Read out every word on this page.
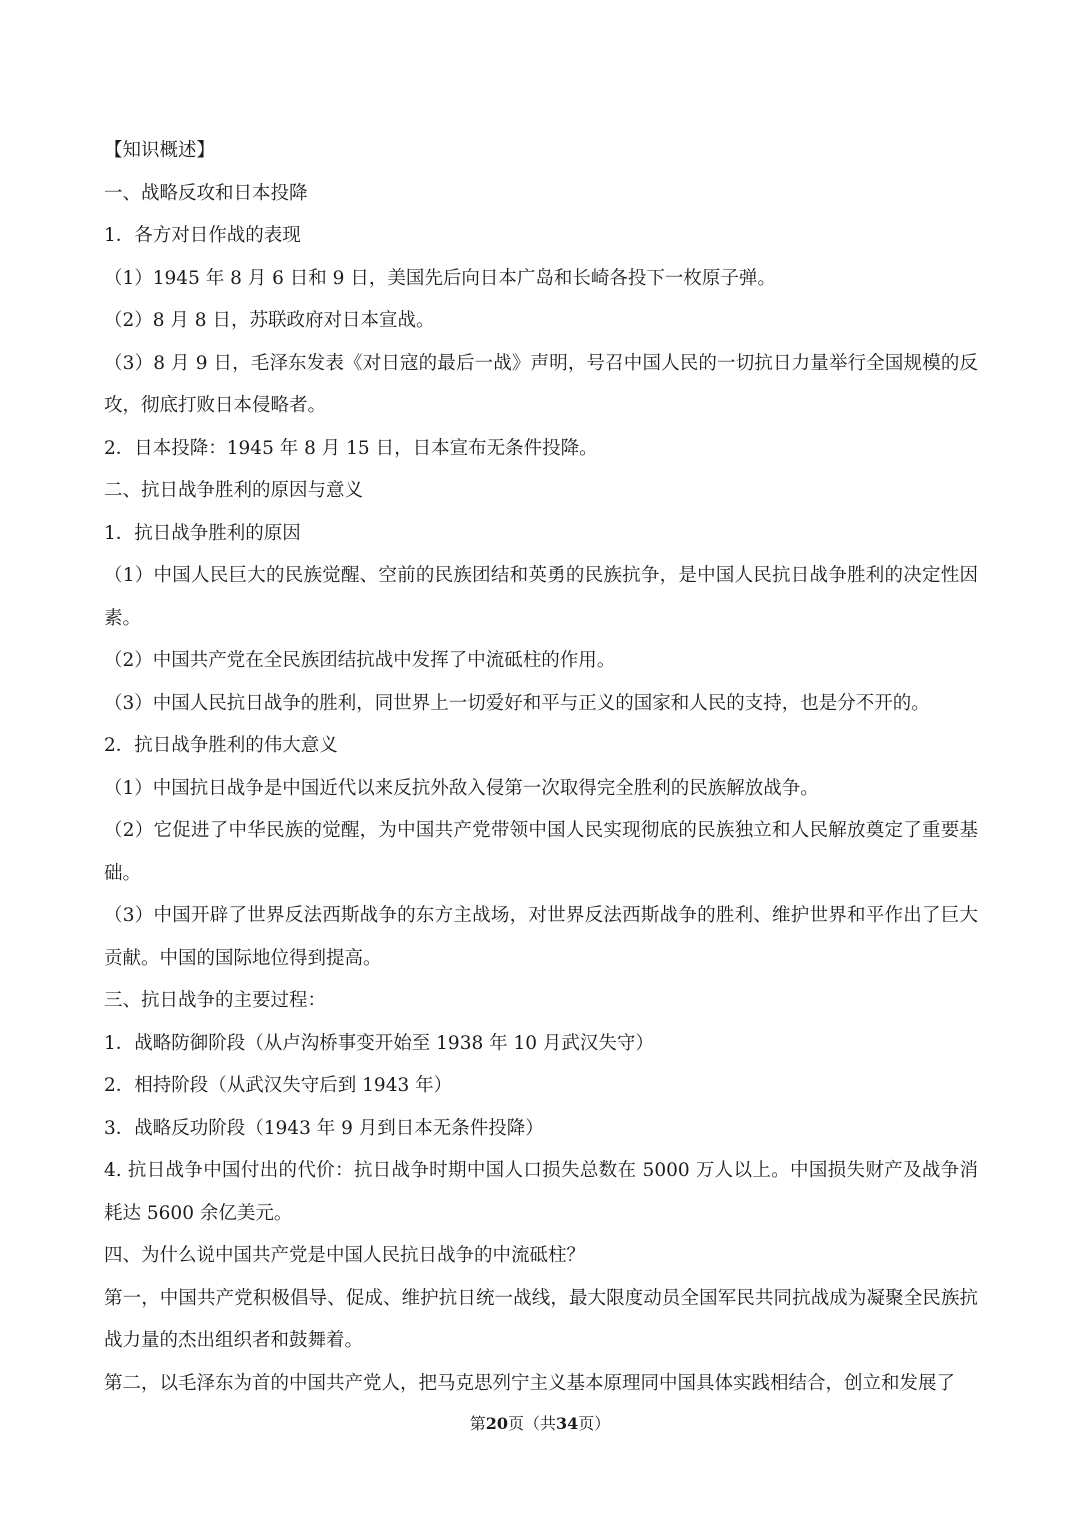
【知识概述】

一、战略反攻和日本投降

1．各方对日作战的表现

（1）1945 年 8 月 6 日和 9 日，美国先后向日本广岛和长崎各投下一枚原子弹。

（2）8 月 8 日，苏联政府对日本宣战。

（3）8 月 9 日，毛泽东发表《对日寇的最后一战》声明，号召中国人民的一切抗日力量举行全国规模的反攻，彻底打败日本侵略者。

2．日本投降：1945 年 8 月 15 日，日本宣布无条件投降。

二、抗日战争胜利的原因与意义

1．抗日战争胜利的原因

（1）中国人民巨大的民族觉醒、空前的民族团结和英勇的民族抗争，是中国人民抗日战争胜利的决定性因素。

（2）中国共产党在全民族团结抗战中发挥了中流砥柱的作用。

（3）中国人民抗日战争的胜利，同世界上一切爱好和平与正义的国家和人民的支持，也是分不开的。

2．抗日战争胜利的伟大意义

（1）中国抗日战争是中国近代以来反抗外敌入侵第一次取得完全胜利的民族解放战争。

（2）它促进了中华民族的觉醒，为中国共产党带领中国人民实现彻底的民族独立和人民解放奠定了重要基础。

（3）中国开辟了世界反法西斯战争的东方主战场，对世界反法西斯战争的胜利、维护世界和平作出了巨大贡献。中国的国际地位得到提高。

三、抗日战争的主要过程：

1．战略防御阶段（从卢沟桥事变开始至 1938 年 10 月武汉失守）

2．相持阶段（从武汉失守后到 1943 年）

3．战略反功阶段（1943 年 9 月到日本无条件投降）

4. 抗日战争中国付出的代价：抗日战争时期中国人口损失总数在 5000 万人以上。中国损失财产及战争消耗达 5600 余亿美元。

四、为什么说中国共产党是中国人民抗日战争的中流砥柱？

第一，中国共产党积极倡导、促成、维护抗日统一战线，最大限度动员全国军民共同抗战成为凝聚全民族抗战力量的杰出组织者和鼓舞着。

第二，以毛泽东为首的中国共产党人，把马克思列宁主义基本原理同中国具体实践相结合，创立和发展了

第20页（共34页）
